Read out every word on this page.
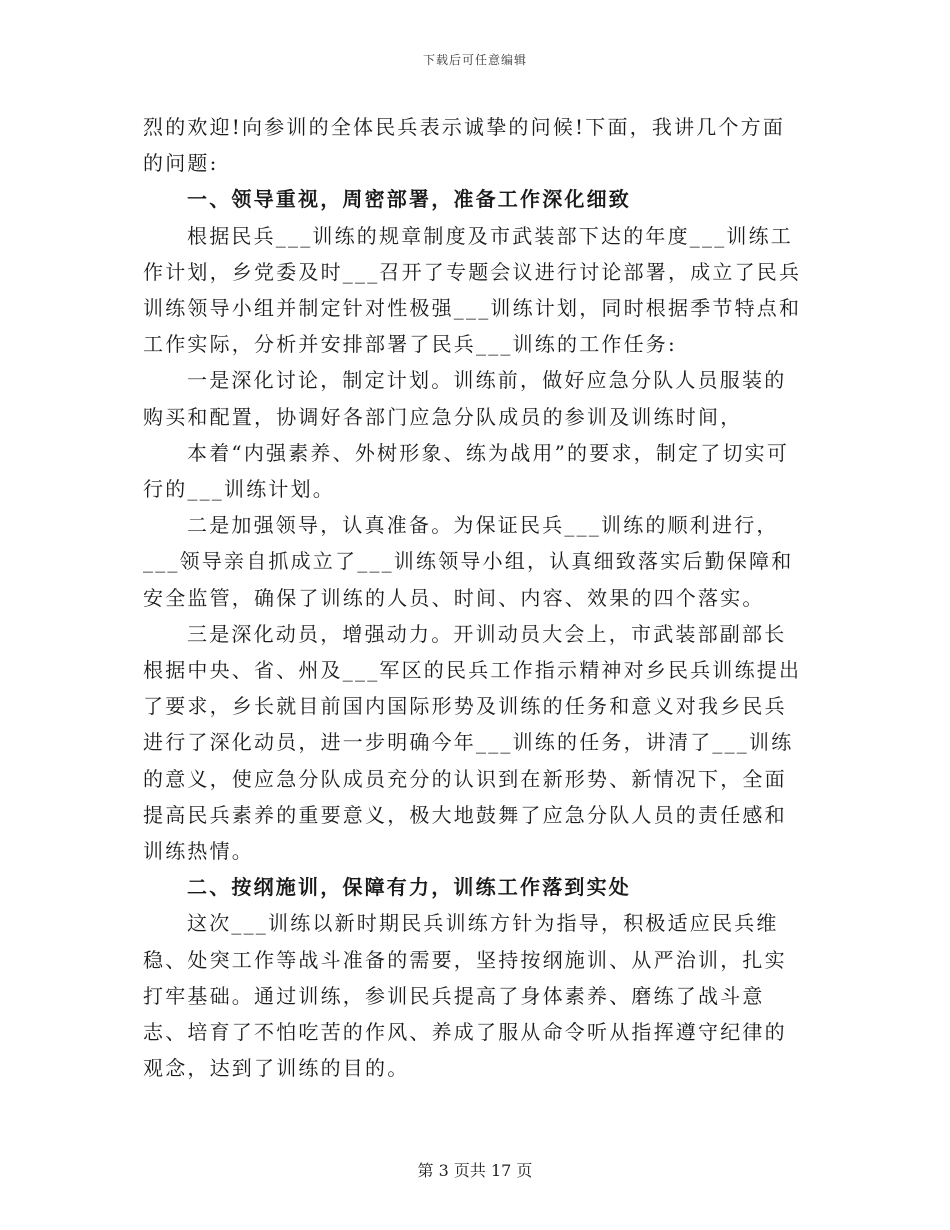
下载后可任意编辑

烈的欢迎!向参训的全体民兵表示诚挚的问候!下面，我讲几个方面的问题:

一、领导重视，周密部署，准备工作深化细致

根据民兵___训练的规章制度及市武装部下达的年度___训练工作计划，乡党委及时___召开了专题会议进行讨论部署，成立了民兵训练领导小组并制定针对性极强___训练计划，同时根据季节特点和工作实际，分析并安排部署了民兵___训练的工作任务:

一是深化讨论，制定计划。训练前，做好应急分队人员服装的购买和配置，协调好各部门应急分队成员的参训及训练时间，

本着“内强素养、外树形象、练为战用”的要求，制定了切实可行的___训练计划。

二是加强领导，认真准备。为保证民兵___训练的顺利进行，___领导亲自抓成立了___训练领导小组，认真细致落实后勤保障和安全监管，确保了训练的人员、时间、内容、效果的四个落实。

三是深化动员，增强动力。开训动员大会上，市武装部副部长根据中央、省、州及___军区的民兵工作指示精神对乡民兵训练提出了要求，乡长就目前国内国际形势及训练的任务和意义对我乡民兵进行了深化动员，进一步明确今年___训练的任务，讲清了___训练的意义，使应急分队成员充分的认识到在新形势、新情况下，全面提高民兵素养的重要意义，极大地鼓舞了应急分队人员的责任感和训练热情。

二、按纲施训，保障有力，训练工作落到实处

这次___训练以新时期民兵训练方针为指导，积极适应民兵维稳、处突工作等战斗准备的需要，坚持按纲施训、从严治训，扎实打牢基础。通过训练，参训民兵提高了身体素养、磨练了战斗意志、培育了不怕吃苦的作风、养成了服从命令听从指挥遵守纪律的观念，达到了训练的目的。

第 3 页共 17 页
